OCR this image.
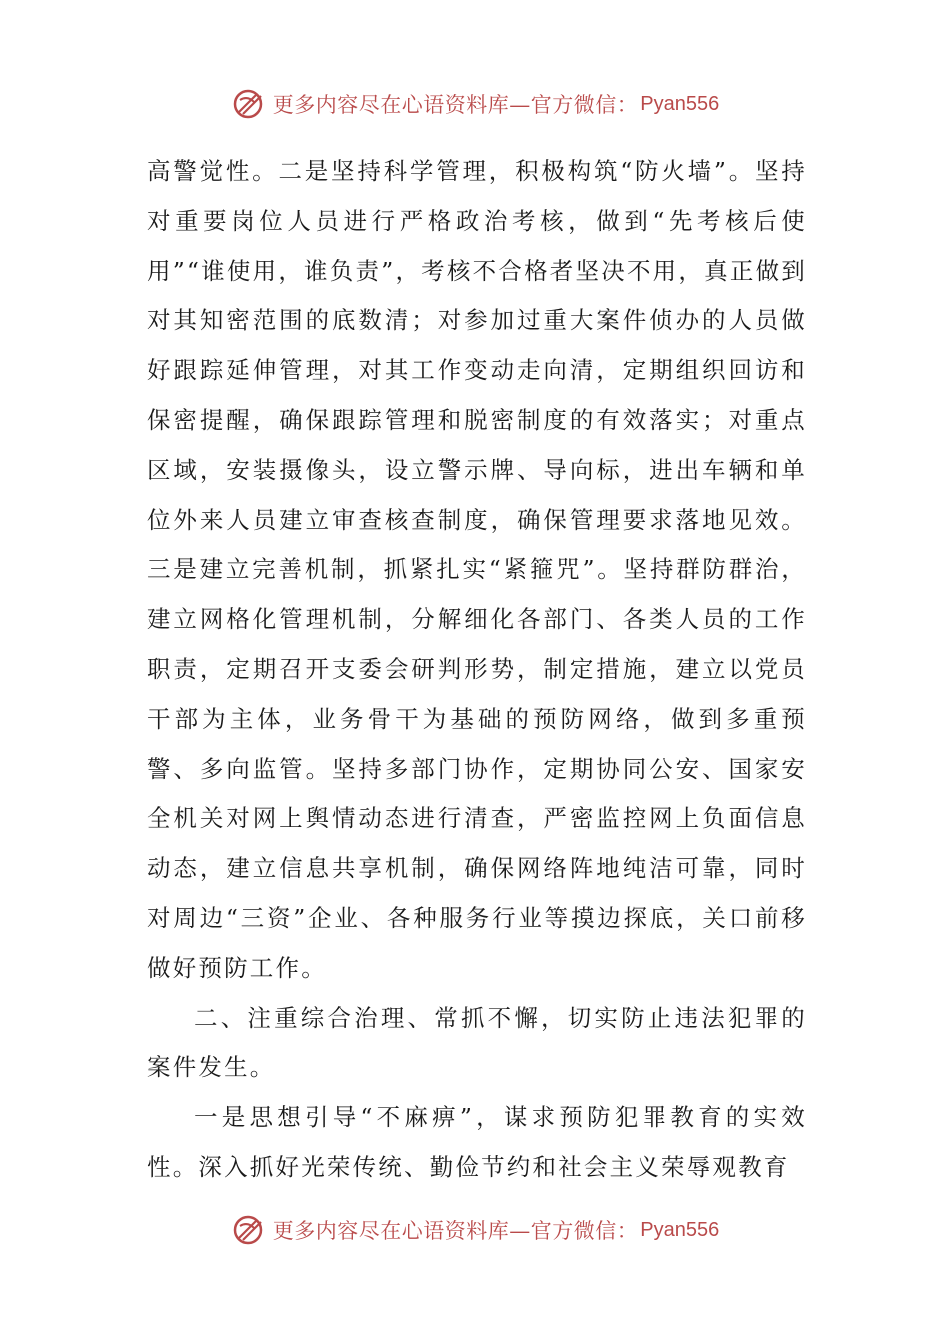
更多内容尽在心语资料库—官方微信： Pyan556

高警觉性。二是坚持科学管理，积极构筑“防火墙”。坚持对重要岗位人员进行严格政治考核，做到“先考核后使用”“谁使用，谁负责”，考核不合格者坚决不用，真正做到对其知密范围的底数清；对参加过重大案件侦办的人员做好跟踪延伸管理，对其工作变动走向清，定期组织回访和保密提醒，确保跟踪管理和脱密制度的有效落实；对重点区域，安装摄像头，设立警示牌、导向标，进出车辆和单位外来人员建立审查核查制度，确保管理要求落地见效。三是建立完善机制，抓紧扎实“紧箍咒”。坚持群防群治，建立网格化管理机制，分解细化各部门、各类人员的工作职责，定期召开支委会研判形势，制定措施，建立以党员干部为主体，业务骨干为基础的预防网络，做到多重预警、多向监管。坚持多部门协作，定期协同公安、国家安全机关对网上舆情动态进行清查，严密监控网上负面信息动态，建立信息共享机制，确保网络阵地纯洁可靠，同时对周边“三资”企业、各种服务行业等摸边探底，关口前移做好预防工作。

二、注重综合治理、常抓不懈，切实防止违法犯罪的案件发生。

一是思想引导“不麻痹”，谋求预防犯罪教育的实效性。深入抓好光荣传统、勤俭节约和社会主义荣辱观教育

更多内容尽在心语资料库—官方微信： Pyan556
